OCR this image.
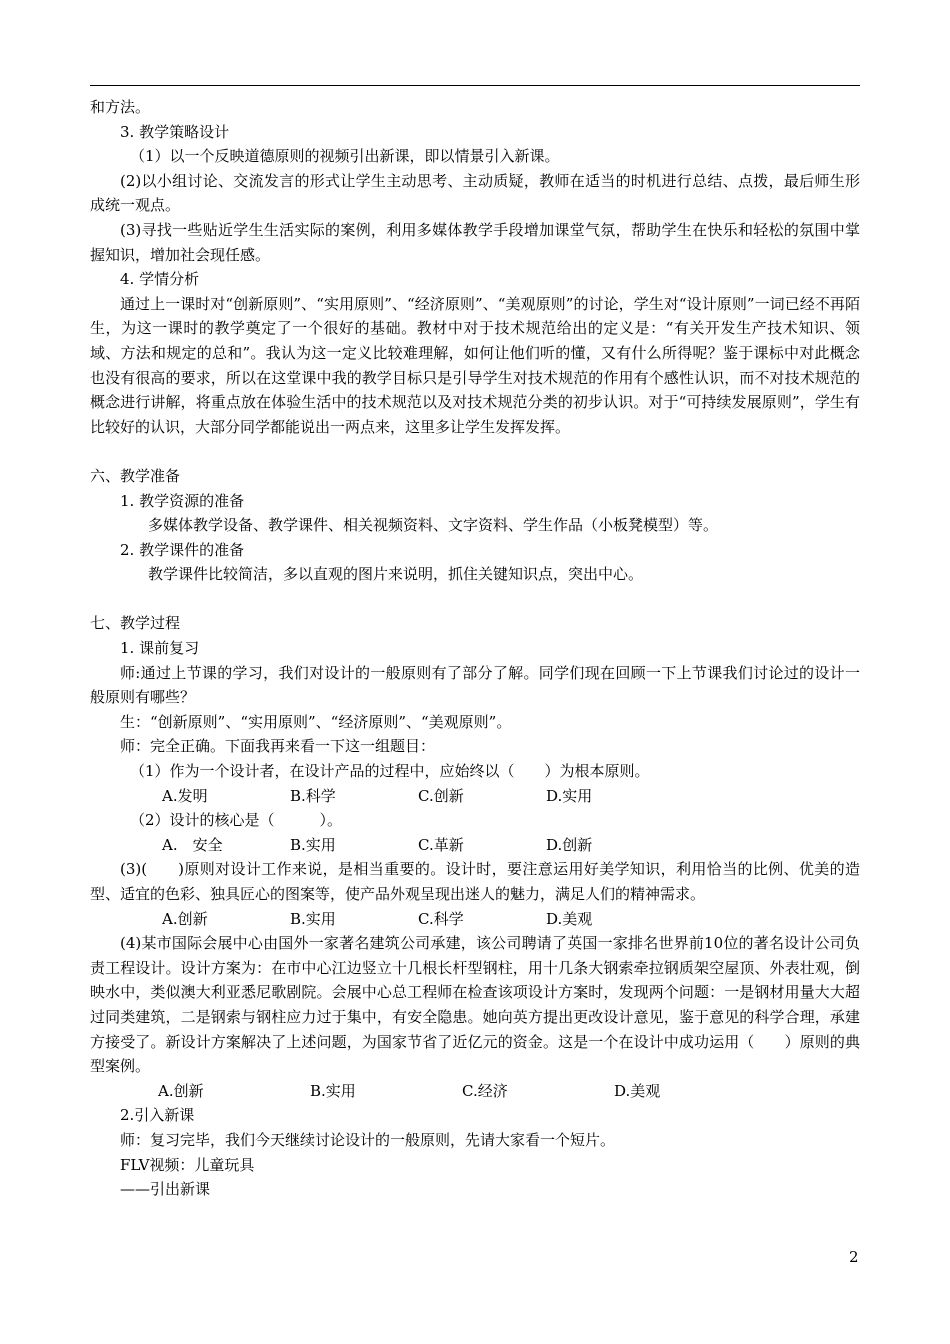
和方法。

3. 教学策略设计

（1）以一个反映道德原则的视频引出新课，即以情景引入新课。

(2)以小组讨论、交流发言的形式让学生主动思考、主动质疑，教师在适当的时机进行总结、点拨，最后师生形成统一观点。

(3)寻找一些贴近学生生活实际的案例，利用多媒体教学手段增加课堂气氛，帮助学生在快乐和轻松的氛围中掌握知识，增加社会现任感。

4. 学情分析

通过上一课时对“创新原则”、“实用原则”、“经济原则”、“美观原则”的讨论，学生对“设计原则”一词已经不再陌生，为这一课时的教学奠定了一个很好的基础。教材中对于技术规范给出的定义是：“有关开发生产技术知识、领域、方法和规定的总和”。我认为这一定义比较难理解，如何让他们听的懂，又有什么所得呢？鉴于课标中对此概念也没有很高的要求，所以在这堂课中我的教学目标只是引导学生对技术规范的作用有个感性认识，而不对技术规范的概念进行讲解，将重点放在体验生活中的技术规范以及对技术规范分类的初步认识。对于“可持续发展原则”，学生有比较好的认识，大部分同学都能说出一两点来，这里多让学生发挥发挥。

六、教学准备

1. 教学资源的准备

多媒体教学设备、教学课件、相关视频资料、文字资料、学生作品（小板凳模型）等。

2. 教学课件的准备

教学课件比较简洁，多以直观的图片来说明，抓住关键知识点，突出中心。

七、教学过程

1. 课前复习

师:通过上节课的学习，我们对设计的一般原则有了部分了解。同学们现在回顾一下上节课我们讨论过的设计一般原则有哪些？

生：“创新原则”、“实用原则”、“经济原则”、“美观原则”。

师：完全正确。下面我再来看一下这一组题目：

（1）作为一个设计者，在设计产品的过程中，应始终以（　　）为根本原则。

A.发明	B.科学	C.创新	D.实用

（2）设计的核心是（　　　）。

A.　安全	B.实用	C.革新	D.创新

(3)(　　)原则对设计工作来说，是相当重要的。设计时，要注意运用好美学知识，利用恰当的比例、优美的造型、适宜的色彩、独具匠心的图案等，使产品外观呈现出迷人的魅力，满足人们的精神需求。

A.创新	B.实用	C.科学	D.美观

(4)某市国际会展中心由国外一家著名建筑公司承建，该公司聘请了英国一家排名世界前10位的著名设计公司负责工程设计。设计方案为：在市中心江边竖立十几根长杆型钢柱，用十几条大钢索牵拉钢质架空屋顶、外表壮观，倒映水中，类似澳大利亚悉尼歌剧院。会展中心总工程师在检查该项设计方案时，发现两个问题：一是钢材用量大大超过同类建筑，二是钢索与钢柱应力过于集中，有安全隐患。她向英方提出更改设计意见，鉴于意见的科学合理，承建方接受了。新设计方案解决了上述问题，为国家节省了近亿元的资金。这是一个在设计中成功运用（　　）原则的典型案例。

A.创新	B.实用	C.经济	D.美观

2.引入新课

师：复习完毕，我们今天继续讨论设计的一般原则，先请大家看一个短片。

FLV视频：儿童玩具

——引出新课

2
